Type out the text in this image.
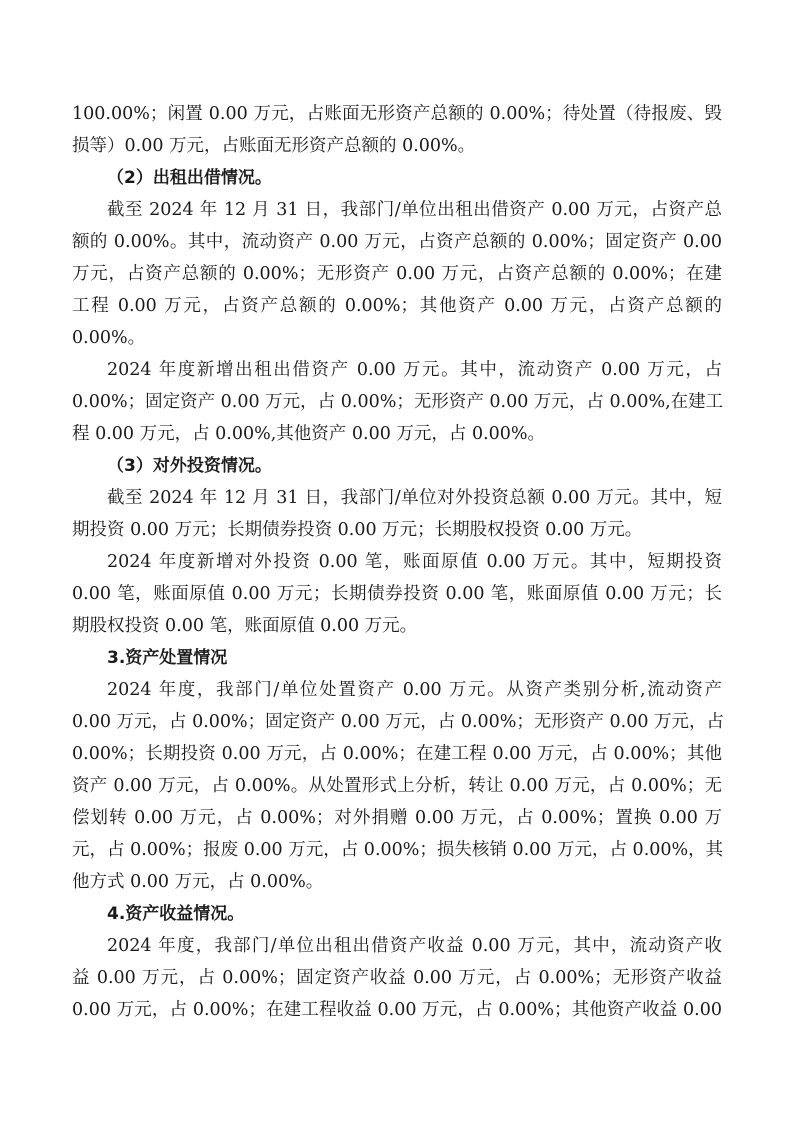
100.00%；闲置 0.00 万元，占账面无形资产总额的 0.00%；待处置（待报废、毁
损等）0.00 万元，占账面无形资产总额的 0.00%。
（2）出租出借情况。
截至 2024 年 12 月 31 日，我部门/单位出租出借资产 0.00 万元，占资产总
额的 0.00%。其中，流动资产 0.00 万元，占资产总额的 0.00%；固定资产 0.00
万元，占资产总额的 0.00%；无形资产 0.00 万元，占资产总额的 0.00%；在建
工程 0.00 万元，占资产总额的 0.00%；其他资产 0.00 万元，占资产总额的
0.00%。
2024 年度新增出租出借资产 0.00 万元。其中，流动资产 0.00 万元，占
0.00%；固定资产 0.00 万元，占 0.00%；无形资产 0.00 万元，占 0.00%,在建工
程 0.00 万元，占 0.00%,其他资产 0.00 万元，占 0.00%。
（3）对外投资情况。
截至 2024 年 12 月 31 日，我部门/单位对外投资总额 0.00 万元。其中，短
期投资 0.00 万元；长期债券投资 0.00 万元；长期股权投资 0.00 万元。
2024 年度新增对外投资 0.00 笔，账面原值 0.00 万元。其中，短期投资
0.00 笔，账面原值 0.00 万元；长期债券投资 0.00 笔，账面原值 0.00 万元；长
期股权投资 0.00 笔，账面原值 0.00 万元。
3.资产处置情况
2024 年度，我部门/单位处置资产 0.00 万元。从资产类别分析,流动资产
0.00 万元，占 0.00%；固定资产 0.00 万元，占 0.00%；无形资产 0.00 万元，占
0.00%；长期投资 0.00 万元，占 0.00%；在建工程 0.00 万元，占 0.00%；其他
资产 0.00 万元，占 0.00%。从处置形式上分析，转让 0.00 万元，占 0.00%；无
偿划转 0.00 万元，占 0.00%；对外捐赠 0.00 万元，占 0.00%；置换 0.00 万
元，占 0.00%；报废 0.00 万元，占 0.00%；损失核销 0.00 万元，占 0.00%，其
他方式 0.00 万元，占 0.00%。
4.资产收益情况。
2024 年度，我部门/单位出租出借资产收益 0.00 万元，其中，流动资产收
益 0.00 万元，占 0.00%；固定资产收益 0.00 万元，占 0.00%；无形资产收益
0.00 万元，占 0.00%；在建工程收益 0.00 万元，占 0.00%；其他资产收益 0.00
